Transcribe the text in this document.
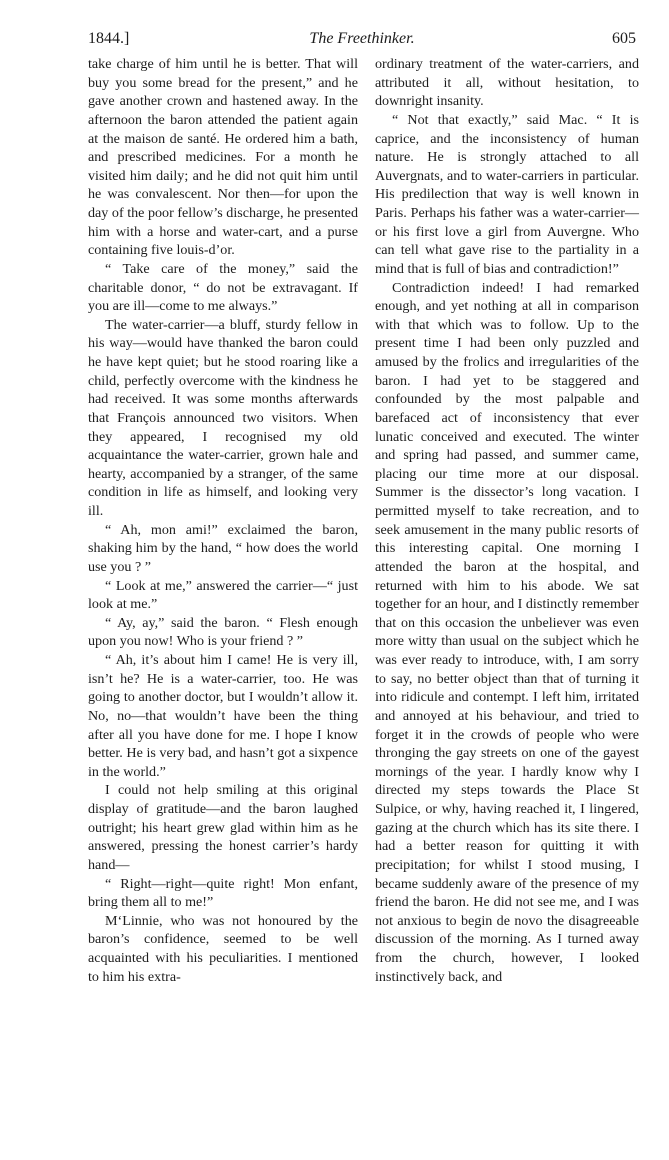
1844.]	The Freethinker.	605

take charge of him until he is better. That will buy you some bread for the present,” and he gave another crown and hastened away. In the afternoon the baron attended the patient again at the maison de santé. He ordered him a bath, and prescribed medicines. For a month he visited him daily; and he did not quit him until he was convalescent. Nor then—for upon the day of the poor fellow’s discharge, he presented him with a horse and water-cart, and a purse containing five louis-d’or.

“ Take care of the money,” said the charitable donor, “ do not be extravagant. If you are ill—come to me always.”

The water-carrier—a bluff, sturdy fellow in his way—would have thanked the baron could he have kept quiet; but he stood roaring like a child, perfectly overcome with the kindness he had received. It was some months afterwards that François announced two visitors. When they appeared, I recognised my old acquaintance the water-carrier, grown hale and hearty, accompanied by a stranger, of the same condition in life as himself, and looking very ill.

“ Ah, mon ami!” exclaimed the baron, shaking him by the hand, “ how does the world use you ? ”

“ Look at me,” answered the carrier—“ just look at me.”

“ Ay, ay,” said the baron. “ Flesh enough upon you now! Who is your friend ? ”

“ Ah, it’s about him I came! He is very ill, isn’t he? He is a water-carrier, too. He was going to another doctor, but I wouldn’t allow it. No, no—that wouldn’t have been the thing after all you have done for me. I hope I know better. He is very bad, and hasn’t got a sixpence in the world.”

I could not help smiling at this original display of gratitude—and the baron laughed outright; his heart grew glad within him as he answered, pressing the honest carrier’s hardy hand—

“ Right—right—quite right! Mon enfant, bring them all to me!”

M‘Linnie, who was not honoured by the baron’s confidence, seemed to be well acquainted with his peculiarities. I mentioned to him his extra-

ordinary treatment of the water-carriers, and attributed it all, without hesitation, to downright insanity.

“ Not that exactly,” said Mac. “ It is caprice, and the inconsistency of human nature. He is strongly attached to all Auvergnats, and to water-carriers in particular. His predilection that way is well known in Paris. Perhaps his father was a water-carrier—or his first love a girl from Auvergne. Who can tell what gave rise to the partiality in a mind that is full of bias and contradiction!”

Contradiction indeed! I had remarked enough, and yet nothing at all in comparison with that which was to follow. Up to the present time I had been only puzzled and amused by the frolics and irregularities of the baron. I had yet to be staggered and confounded by the most palpable and barefaced act of inconsistency that ever lunatic conceived and executed. The winter and spring had passed, and summer came, placing our time more at our disposal. Summer is the dissector’s long vacation. I permitted myself to take recreation, and to seek amusement in the many public resorts of this interesting capital. One morning I attended the baron at the hospital, and returned with him to his abode. We sat together for an hour, and I distinctly remember that on this occasion the unbeliever was even more witty than usual on the subject which he was ever ready to introduce, with, I am sorry to say, no better object than that of turning it into ridicule and contempt. I left him, irritated and annoyed at his behaviour, and tried to forget it in the crowds of people who were thronging the gay streets on one of the gayest mornings of the year. I hardly know why I directed my steps towards the Place St Sulpice, or why, having reached it, I lingered, gazing at the church which has its site there. I had a better reason for quitting it with precipitation; for whilst I stood musing, I became suddenly aware of the presence of my friend the baron. He did not see me, and I was not anxious to begin de novo the disagreeable discussion of the morning. As I turned away from the church, however, I looked instinctively back, and
